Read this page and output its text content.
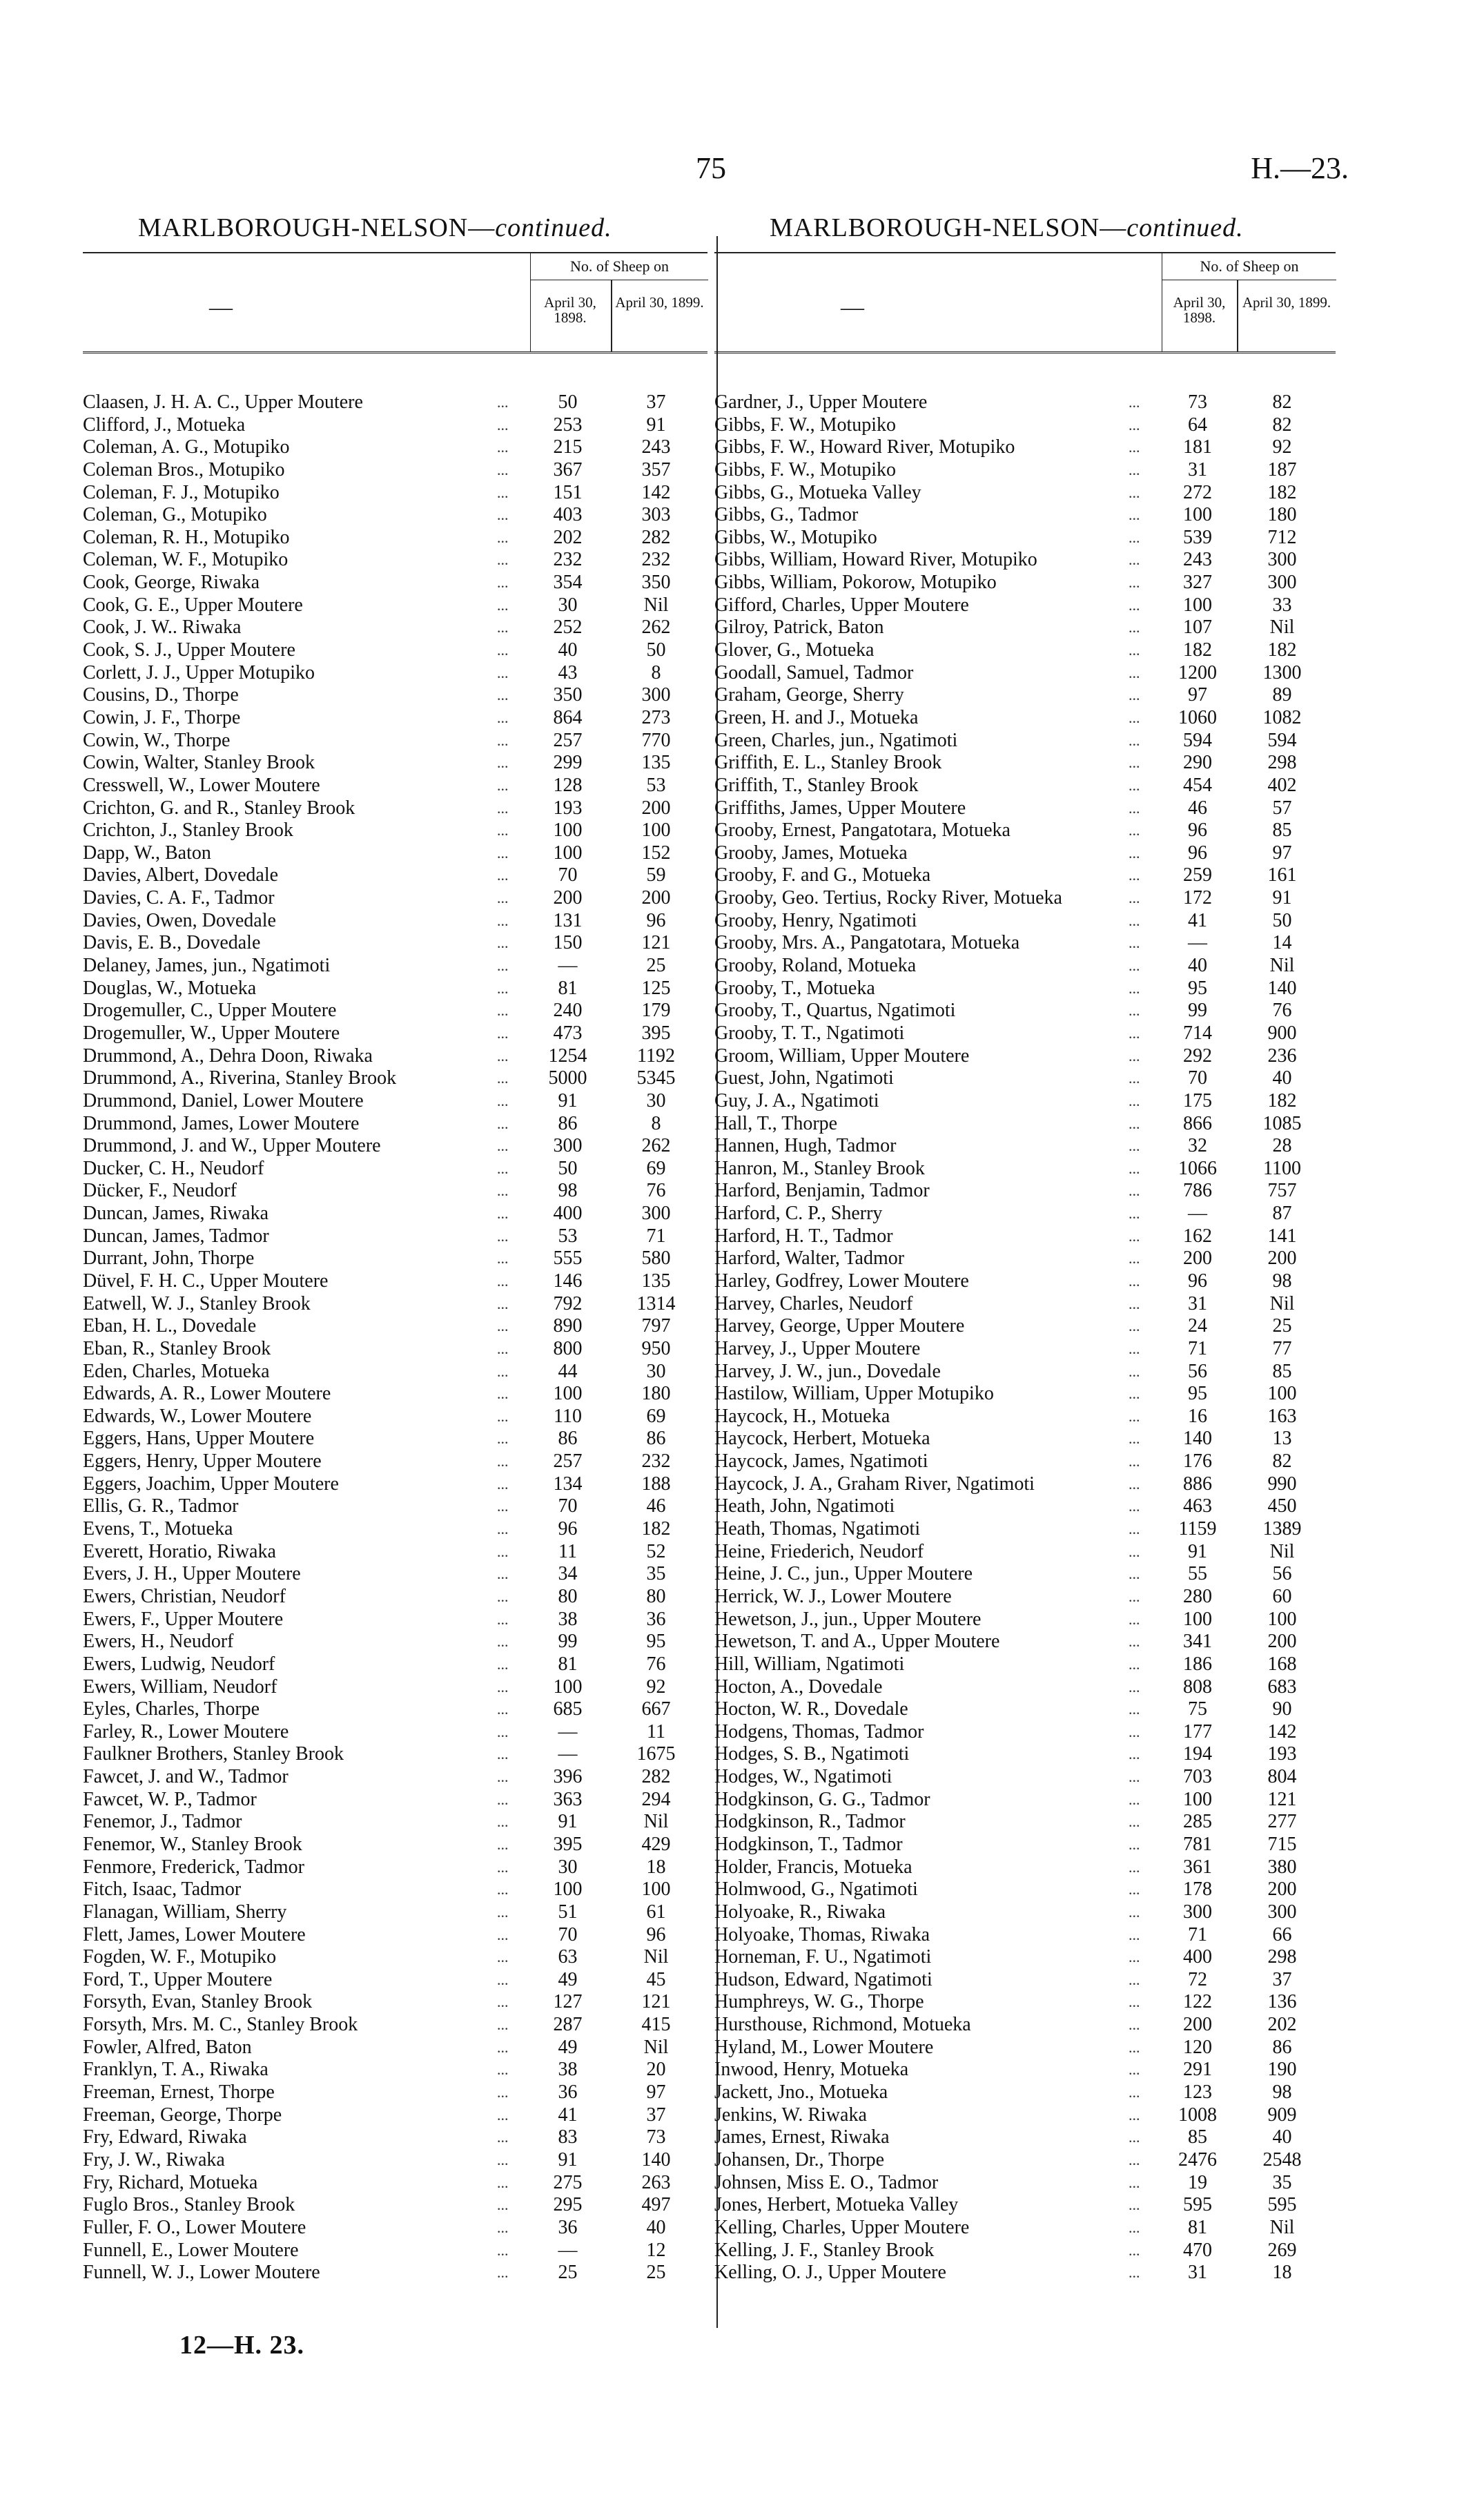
75	H.—23.
MARLBOROUGH-NELSON—continued.	MARLBOROUGH-NELSON—continued.
—
No. of Sheep on
April 30, 1898.
April 30, 1899.
Claasen, J. H. A. C., Upper Moutere	...	50	37
Clifford, J., Motueka	...	253	91
Coleman, A. G., Motupiko	...	215	243
Coleman Bros., Motupiko	...	367	357
Coleman, F. J., Motupiko	...	151	142
Coleman, G., Motupiko	...	403	303
Coleman, R. H., Motupiko	...	202	282
Coleman, W. F., Motupiko	...	232	232
Cook, George, Riwaka	...	354	350
Cook, G. E., Upper Moutere	...	30	Nil
Cook, J. W.. Riwaka	...	252	262
Cook, S. J., Upper Moutere	...	40	50
Corlett, J. J., Upper Motupiko	...	43	8
Cousins, D., Thorpe	...	350	300
Cowin, J. F., Thorpe	...	864	273
Cowin, W., Thorpe	...	257	770
Cowin, Walter, Stanley Brook	...	299	135
Cresswell, W., Lower Moutere	...	128	53
Crichton, G. and R., Stanley Brook	...	193	200
Crichton, J., Stanley Brook	...	100	100
Dapp, W., Baton	...	100	152
Davies, Albert, Dovedale	...	70	59
Davies, C. A. F., Tadmor	...	200	200
Davies, Owen, Dovedale	...	131	96
Davis, E. B., Dovedale	...	150	121
Delaney, James, jun., Ngatimoti	...	—	25
Douglas, W., Motueka	...	81	125
Drogemuller, C., Upper Moutere	...	240	179
Drogemuller, W., Upper Moutere	...	473	395
Drummond, A., Dehra Doon, Riwaka	...	1254	1192
Drummond, A., Riverina, Stanley Brook	...	5000	5345
Drummond, Daniel, Lower Moutere	...	91	30
Drummond, James, Lower Moutere	...	86	8
Drummond, J. and W., Upper Moutere	...	300	262
Ducker, C. H., Neudorf	...	50	69
Dücker, F., Neudorf	...	98	76
Duncan, James, Riwaka	...	400	300
Duncan, James, Tadmor	...	53	71
Durrant, John, Thorpe	...	555	580
Düvel, F. H. C., Upper Moutere	...	146	135
Eatwell, W. J., Stanley Brook	...	792	1314
Eban, H. L., Dovedale	...	890	797
Eban, R., Stanley Brook	...	800	950
Eden, Charles, Motueka	...	44	30
Edwards, A. R., Lower Moutere	...	100	180
Edwards, W., Lower Moutere	...	110	69
Eggers, Hans, Upper Moutere	...	86	86
Eggers, Henry, Upper Moutere	...	257	232
Eggers, Joachim, Upper Moutere	...	134	188
Ellis, G. R., Tadmor	...	70	46
Evens, T., Motueka	...	96	182
Everett, Horatio, Riwaka	...	11	52
Evers, J. H., Upper Moutere	...	34	35
Ewers, Christian, Neudorf	...	80	80
Ewers, F., Upper Moutere	...	38	36
Ewers, H., Neudorf	...	99	95
Ewers, Ludwig, Neudorf	...	81	76
Ewers, William, Neudorf	...	100	92
Eyles, Charles, Thorpe	...	685	667
Farley, R., Lower Moutere	...	—	11
Faulkner Brothers, Stanley Brook	...	—	1675
Fawcet, J. and W., Tadmor	...	396	282
Fawcet, W. P., Tadmor	...	363	294
Fenemor, J., Tadmor	...	91	Nil
Fenemor, W., Stanley Brook	...	395	429
Fenmore, Frederick, Tadmor	...	30	18
Fitch, Isaac, Tadmor	...	100	100
Flanagan, William, Sherry	...	51	61
Flett, James, Lower Moutere	...	70	96
Fogden, W. F., Motupiko	...	63	Nil
Ford, T., Upper Moutere	...	49	45
Forsyth, Evan, Stanley Brook	...	127	121
Forsyth, Mrs. M. C., Stanley Brook	...	287	415
Fowler, Alfred, Baton	...	49	Nil
Franklyn, T. A., Riwaka	...	38	20
Freeman, Ernest, Thorpe	...	36	97
Freeman, George, Thorpe	...	41	37
Fry, Edward, Riwaka	...	83	73
Fry, J. W., Riwaka	...	91	140
Fry, Richard, Motueka	...	275	263
Fuglo Bros., Stanley Brook	...	295	497
Fuller, F. O., Lower Moutere	...	36	40
Funnell, E., Lower Moutere	...	—	12
Funnell, W. J., Lower Moutere	...	25	25
—
No. of Sheep on
April 30, 1898.
April 30, 1899.
Gardner, J., Upper Moutere	...	73	82
Gibbs, F. W., Motupiko	...	64	82
Gibbs, F. W., Howard River, Motupiko	...	181	92
Gibbs, F. W., Motupiko	...	31	187
Gibbs, G., Motueka Valley	...	272	182
Gibbs, G., Tadmor	...	100	180
Gibbs, W., Motupiko	...	539	712
Gibbs, William, Howard River, Motupiko	...	243	300
Gibbs, William, Pokorow, Motupiko	...	327	300
Gifford, Charles, Upper Moutere	...	100	33
Gilroy, Patrick, Baton	...	107	Nil
Glover, G., Motueka	...	182	182
Goodall, Samuel, Tadmor	...	1200	1300
Graham, George, Sherry	...	97	89
Green, H. and J., Motueka	...	1060	1082
Green, Charles, jun., Ngatimoti	...	594	594
Griffith, E. L., Stanley Brook	...	290	298
Griffith, T., Stanley Brook	...	454	402
Griffiths, James, Upper Moutere	...	46	57
Grooby, Ernest, Pangatotara, Motueka	...	96	85
Grooby, James, Motueka	...	96	97
Grooby, F. and G., Motueka	...	259	161
Grooby, Geo. Tertius, Rocky River, Motueka	...	172	91
Grooby, Henry, Ngatimoti	...	41	50
Grooby, Mrs. A., Pangatotara, Motueka	...	—	14
Grooby, Roland, Motueka	...	40	Nil
Grooby, T., Motueka	...	95	140
Grooby, T., Quartus, Ngatimoti	...	99	76
Grooby, T. T., Ngatimoti	...	714	900
Groom, William, Upper Moutere	...	292	236
Guest, John, Ngatimoti	...	70	40
Guy, J. A., Ngatimoti	...	175	182
Hall, T., Thorpe	...	866	1085
Hannen, Hugh, Tadmor	...	32	28
Hanron, M., Stanley Brook	...	1066	1100
Harford, Benjamin, Tadmor	...	786	757
Harford, C. P., Sherry	...	—	87
Harford, H. T., Tadmor	...	162	141
Harford, Walter, Tadmor	...	200	200
Harley, Godfrey, Lower Moutere	...	96	98
Harvey, Charles, Neudorf	...	31	Nil
Harvey, George, Upper Moutere	...	24	25
Harvey, J., Upper Moutere	...	71	77
Harvey, J. W., jun., Dovedale	...	56	85
Hastilow, William, Upper Motupiko	...	95	100
Haycock, H., Motueka	...	16	163
Haycock, Herbert, Motueka	...	140	13
Haycock, James, Ngatimoti	...	176	82
Haycock, J. A., Graham River, Ngatimoti	...	886	990
Heath, John, Ngatimoti	...	463	450
Heath, Thomas, Ngatimoti	...	1159	1389
Heine, Friederich, Neudorf	...	91	Nil
Heine, J. C., jun., Upper Moutere	...	55	56
Herrick, W. J., Lower Moutere	...	280	60
Hewetson, J., jun., Upper Moutere	...	100	100
Hewetson, T. and A., Upper Moutere	...	341	200
Hill, William, Ngatimoti	...	186	168
Hocton, A., Dovedale	...	808	683
Hocton, W. R., Dovedale	...	75	90
Hodgens, Thomas, Tadmor	...	177	142
Hodges, S. B., Ngatimoti	...	194	193
Hodges, W., Ngatimoti	...	703	804
Hodgkinson, G. G., Tadmor	...	100	121
Hodgkinson, R., Tadmor	...	285	277
Hodgkinson, T., Tadmor	...	781	715
Holder, Francis, Motueka	...	361	380
Holmwood, G., Ngatimoti	...	178	200
Holyoake, R., Riwaka	...	300	300
Holyoake, Thomas, Riwaka	...	71	66
Horneman, F. U., Ngatimoti	...	400	298
Hudson, Edward, Ngatimoti	...	72	37
Humphreys, W. G., Thorpe	...	122	136
Hursthouse, Richmond, Motueka	...	200	202
Hyland, M., Lower Moutere	...	120	86
Inwood, Henry, Motueka	...	291	190
Jackett, Jno., Motueka	...	123	98
Jenkins, W. Riwaka	...	1008	909
James, Ernest, Riwaka	...	85	40
Johansen, Dr., Thorpe	...	2476	2548
Johnsen, Miss E. O., Tadmor	...	19	35
Jones, Herbert, Motueka Valley	...	595	595
Kelling, Charles, Upper Moutere	...	81	Nil
Kelling, J. F., Stanley Brook	...	470	269
Kelling, O. J., Upper Moutere	...	31	18
12—H. 23.
